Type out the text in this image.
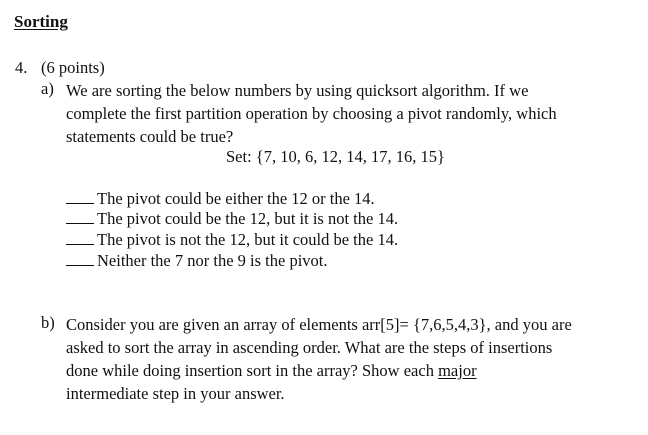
Sorting
4. (6 points)
a) We are sorting the below numbers by using quicksort algorithm. If we
complete the first partition operation by choosing a pivot randomly, which
statements could be true?
Set: {7, 10, 6, 12, 14, 17, 16, 15}
The pivot could be either the 12 or the 14.
The pivot could be the 12, but it is not the 14.
The pivot is not the 12, but it could be the 14.
Neither the 7 nor the 9 is the pivot.
b) Consider you are given an array of elements arr[5]= {7,6,5,4,3}, and you are
asked to sort the array in ascending order. What are the steps of insertions
done while doing insertion sort in the array? Show each major
intermediate step in your answer.
